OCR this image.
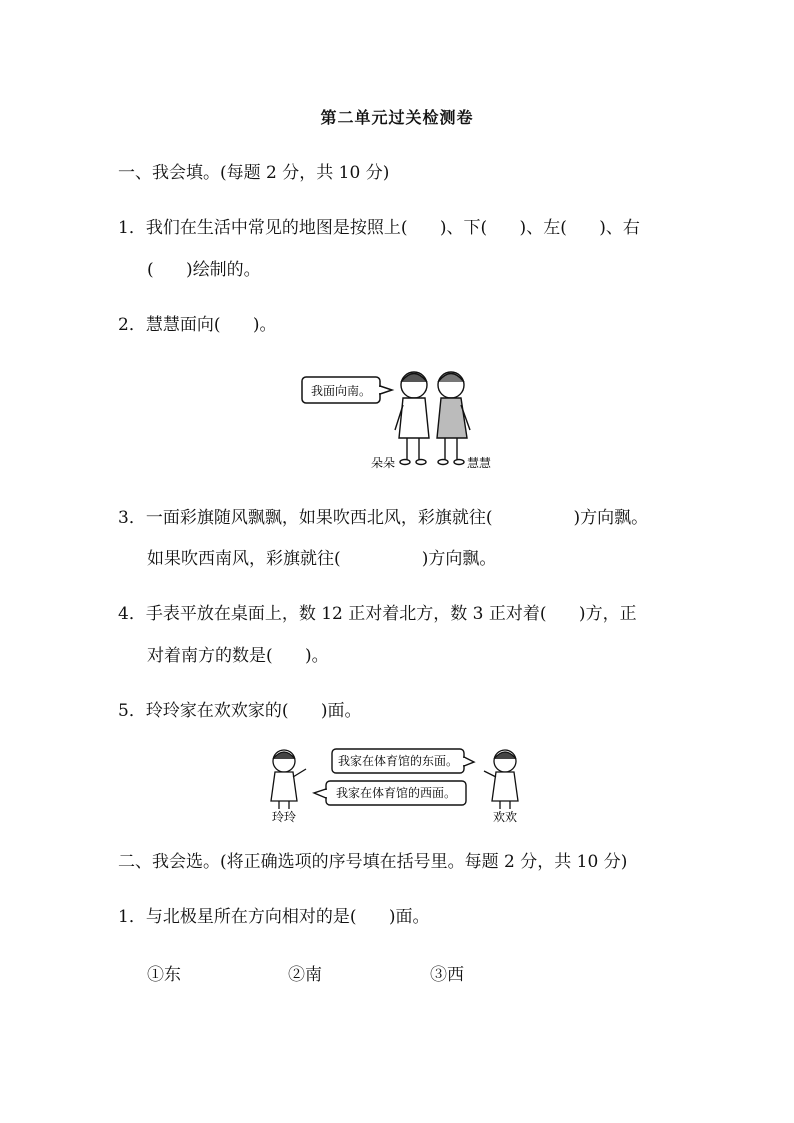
第二单元过关检测卷
一、我会填。(每题 2 分，共 10 分)
1．我们在生活中常见的地图是按照上(      )、下(      )、左(      )、右
(      )绘制的。
2．慧慧面向(      )。
我面向南。
朵朵	慧慧
3．一面彩旗随风飘飘，如果吹西北风，彩旗就往(               )方向飘。
如果吹西南风，彩旗就往(               )方向飘。
4．手表平放在桌面上，数 12 正对着北方，数 3 正对着(      )方，正
对着南方的数是(      )。
5．玲玲家在欢欢家的(      )面。
玲玲
我家在体育馆的东面。
我家在体育馆的西面。
欢欢
二、我会选。(将正确选项的序号填在括号里。每题 2 分，共 10 分)
1．与北极星所在方向相对的是(      )面。
①东	②南	③西
